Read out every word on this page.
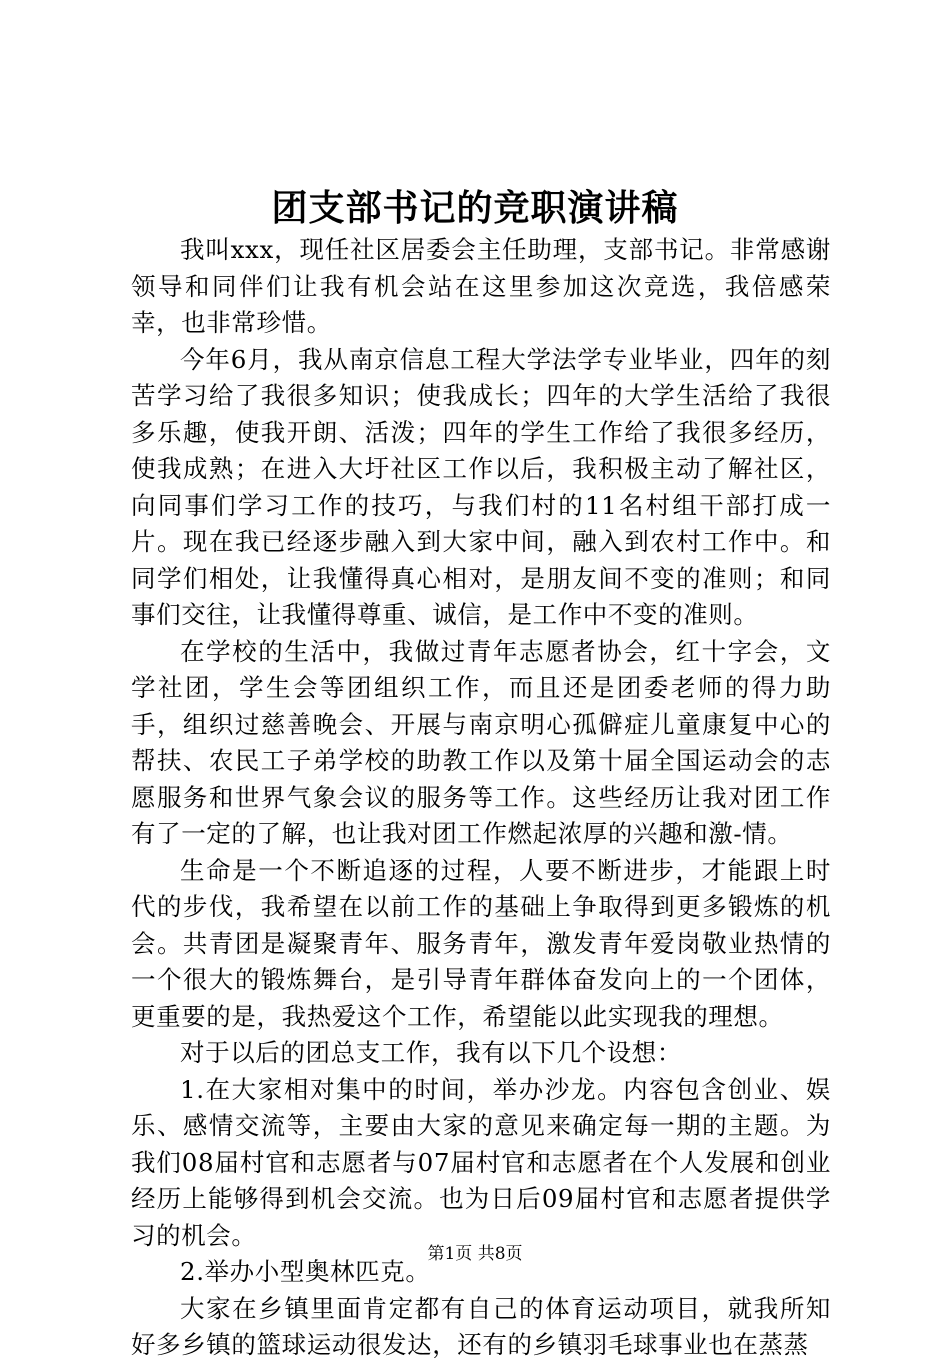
团支部书记的竞职演讲稿

我叫xxx，现任社区居委会主任助理，支部书记。非常感谢领导和同伴们让我有机会站在这里参加这次竞选，我倍感荣幸，也非常珍惜。

今年6月，我从南京信息工程大学法学专业毕业，四年的刻苦学习给了我很多知识；使我成长；四年的大学生活给了我很多乐趣，使我开朗、活泼；四年的学生工作给了我很多经历，使我成熟；在进入大圩社区工作以后，我积极主动了解社区，向同事们学习工作的技巧，与我们村的11名村组干部打成一片。现在我已经逐步融入到大家中间，融入到农村工作中。和同学们相处，让我懂得真心相对，是朋友间不变的准则；和同事们交往，让我懂得尊重、诚信，是工作中不变的准则。

在学校的生活中，我做过青年志愿者协会，红十字会，文学社团，学生会等团组织工作，而且还是团委老师的得力助手，组织过慈善晚会、开展与南京明心孤僻症儿童康复中心的帮扶、农民工子弟学校的助教工作以及第十届全国运动会的志愿服务和世界气象会议的服务等工作。这些经历让我对团工作有了一定的了解，也让我对团工作燃起浓厚的兴趣和激-情。

生命是一个不断追逐的过程，人要不断进步，才能跟上时代的步伐，我希望在以前工作的基础上争取得到更多锻炼的机会。共青团是凝聚青年、服务青年，激发青年爱岗敬业热情的一个很大的锻炼舞台，是引导青年群体奋发向上的一个团体，更重要的是，我热爱这个工作，希望能以此实现我的理想。

对于以后的团总支工作，我有以下几个设想：

1.在大家相对集中的时间，举办沙龙。内容包含创业、娱乐、感情交流等，主要由大家的意见来确定每一期的主题。为我们08届村官和志愿者与07届村官和志愿者在个人发展和创业经历上能够得到机会交流。也为日后09届村官和志愿者提供学习的机会。

2.举办小型奥林匹克。

大家在乡镇里面肯定都有自己的体育运动项目，就我所知好多乡镇的篮球运动很发达，还有的乡镇羽毛球事业也在蒸蒸

第1页 共8页
